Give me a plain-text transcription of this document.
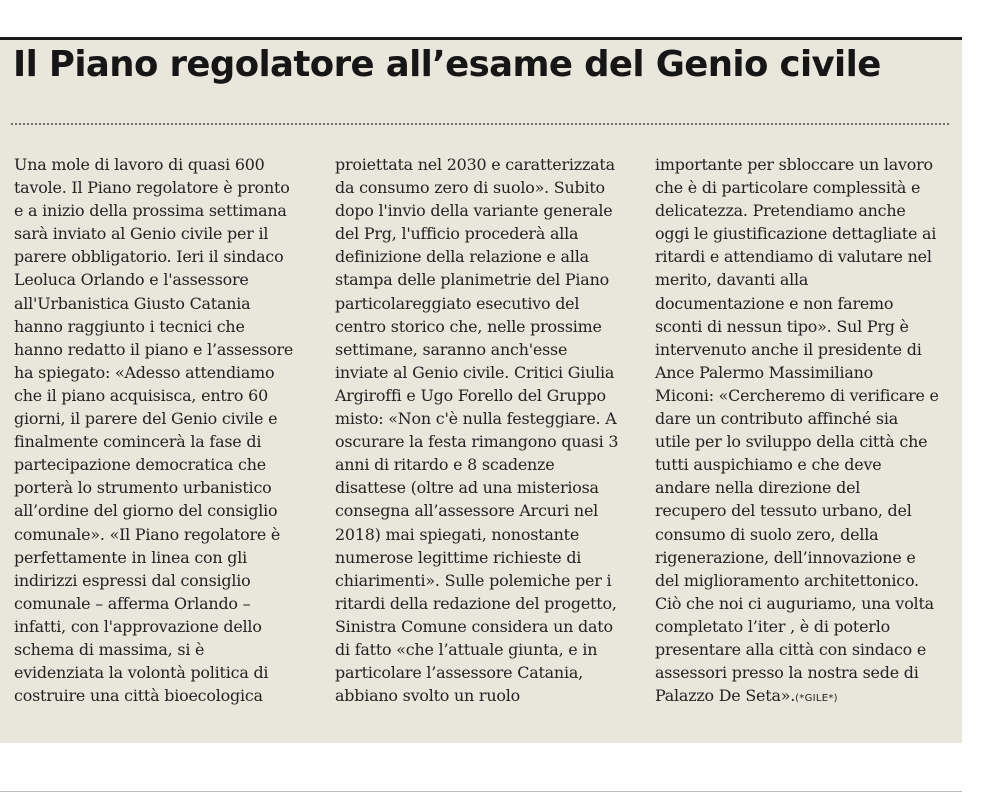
Il Piano regolatore all’esame del Genio civile

Una mole di lavoro di quasi 600

tavole. Il Piano regolatore è pronto

e a inizio della prossima settimana

sarà inviato al Genio civile per il

parere obbligatorio. Ieri il sindaco

Leoluca Orlando e l'assessore

all'Urbanistica Giusto Catania

hanno raggiunto i tecnici che

hanno redatto il piano e l’assessore

ha spiegato: «Adesso attendiamo

che il piano acquisisca, entro 60

giorni, il parere del Genio civile e

finalmente comincerà la fase di

partecipazione democratica che

porterà lo strumento urbanistico

all’ordine del giorno del consiglio

comunale». «Il Piano regolatore è

perfettamente in linea con gli

indirizzi espressi dal consiglio

comunale – afferma Orlando –

infatti, con l'approvazione dello

schema di massima, si è

evidenziata la volontà politica di

costruire una città bioecologica

proiettata nel 2030 e caratterizzata

da consumo zero di suolo». Subito

dopo l'invio della variante generale

del Prg, l'ufficio procederà alla

definizione della relazione e alla

stampa delle planimetrie del Piano

particolareggiato esecutivo del

centro storico che, nelle prossime

settimane, saranno anch'esse

inviate al Genio civile. Critici Giulia

Argiroffi e Ugo Forello del Gruppo

misto: «Non c'è nulla festeggiare. A

oscurare la festa rimangono quasi 3

anni di ritardo e 8 scadenze

disattese (oltre ad una misteriosa

consegna all’assessore Arcuri nel

2018) mai spiegati, nonostante

numerose legittime richieste di

chiarimenti». Sulle polemiche per i

ritardi della redazione del progetto,

Sinistra Comune considera un dato

di fatto «che l’attuale giunta, e in

particolare l’assessore Catania,

abbiano svolto un ruolo

importante per sbloccare un lavoro

che è di particolare complessità e

delicatezza. Pretendiamo anche

oggi le giustificazione dettagliate ai

ritardi e attendiamo di valutare nel

merito, davanti alla

documentazione e non faremo

sconti di nessun tipo». Sul Prg è

intervenuto anche il presidente di

Ance Palermo Massimiliano

Miconi: «Cercheremo di verificare e

dare un contributo affinché sia

utile per lo sviluppo della città che

tutti auspichiamo e che deve

andare nella direzione del

recupero del tessuto urbano, del

consumo di suolo zero, della

rigenerazione, dell’innovazione e

del miglioramento architettonico.

Ciò che noi ci auguriamo, una volta

completato l’iter , è di poterlo

presentare alla città con sindaco e

assessori presso la nostra sede di

Palazzo De Seta».(*GILE*)
